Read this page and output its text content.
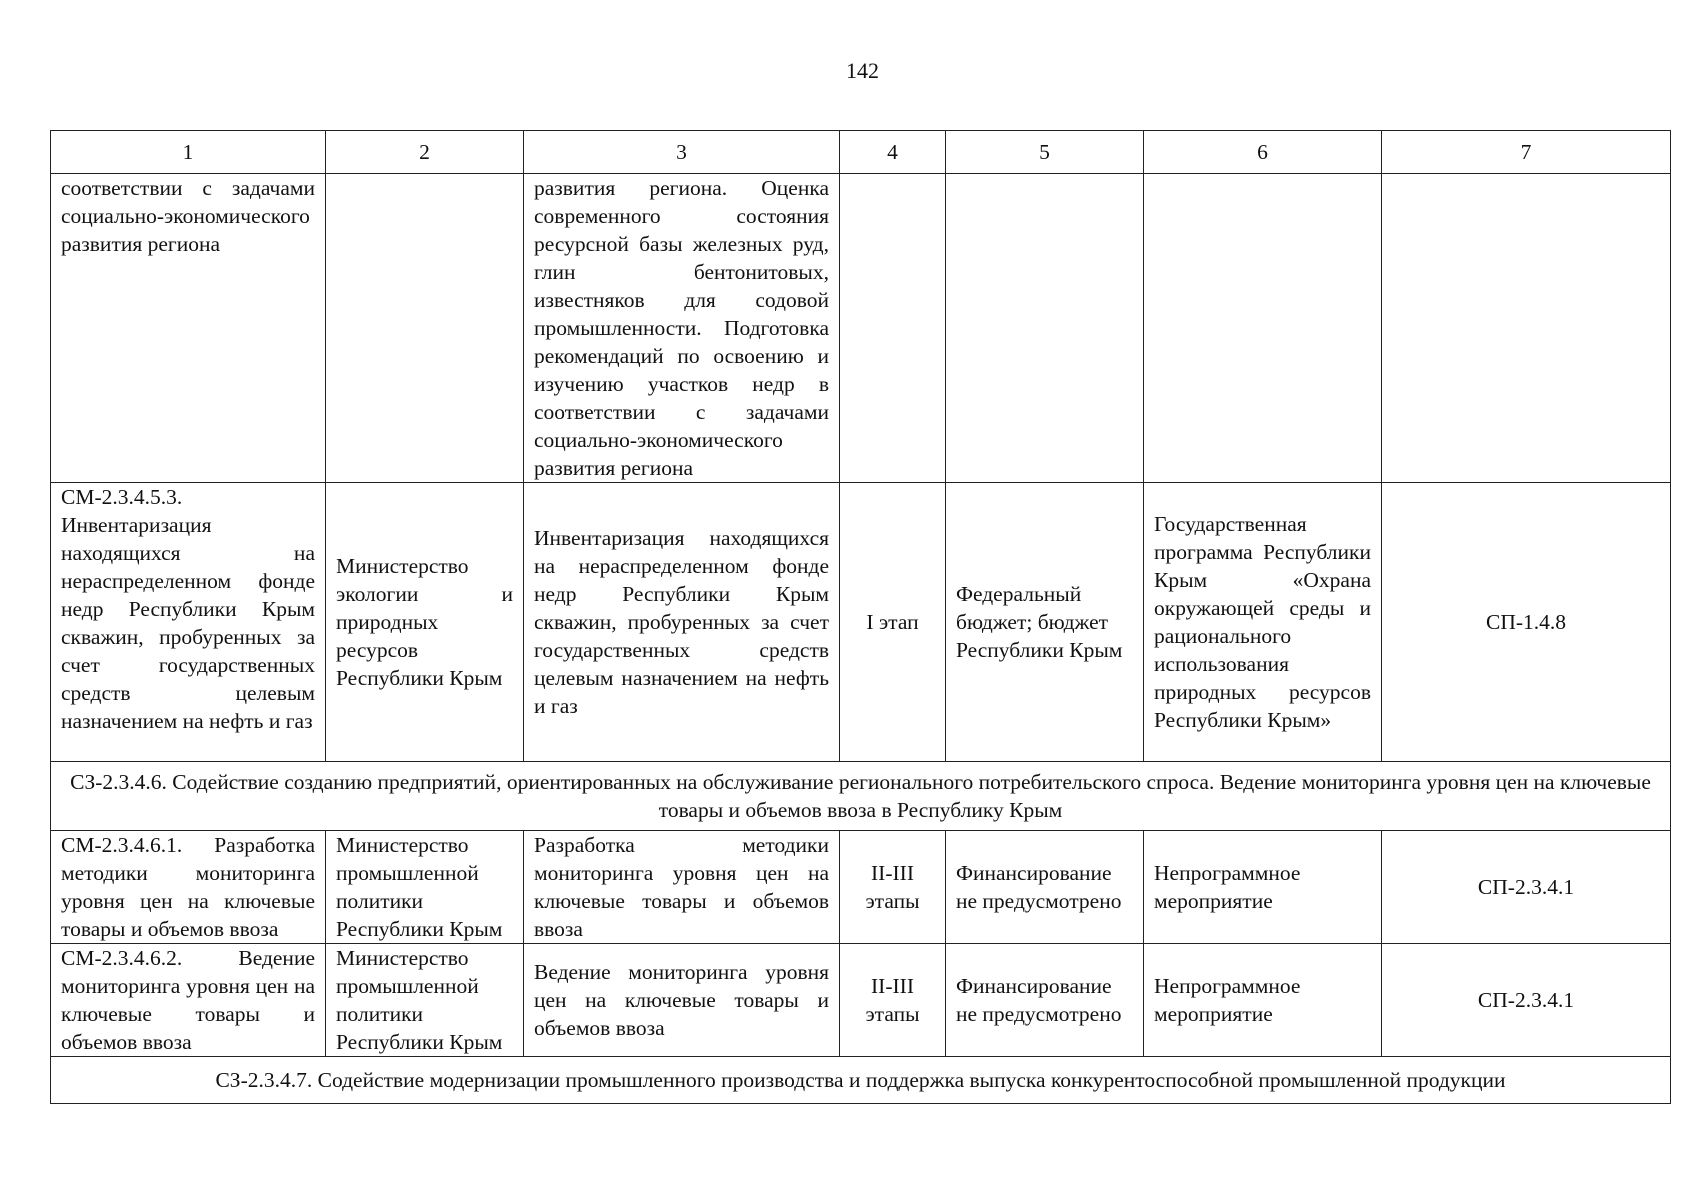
142
1	2	3	4	5	6	7
соответствии с задачами социально-экономического развития региона		развития региона. Оценка современного состояния ресурсной базы железных руд, глин бентонитовых, известняков для содовой промышленности. Подготовка рекомендаций по освоению и изучению участков недр в соответствии с задачами социально-экономического развития региона				
СМ-2.3.4.5.3. Инвентаризация находящихся на нераспределенном фонде недр Республики Крым скважин, пробуренных за счет государственных средств целевым назначением на нефть и газ	Министерство экологии и природных ресурсов Республики Крым	Инвентаризация находящихся на нераспределенном фонде недр Республики Крым скважин, пробуренных за счет государственных средств целевым назначением на нефть и газ	I этап	Федеральный бюджет; бюджет Республики Крым	Государственная программа Республики Крым «Охрана окружающей среды и рационального использования природных ресурсов Республики Крым»	СП-1.4.8
СЗ-2.3.4.6. Содействие созданию предприятий, ориентированных на обслуживание регионального потребительского спроса. Ведение мониторинга уровня цен на ключевые товары и объемов ввоза в Республику Крым						
СМ-2.3.4.6.1. Разработка методики мониторинга уровня цен на ключевые товары и объемов ввоза	Министерство промышленной политики Республики Крым	Разработка методики мониторинга уровня цен на ключевые товары и объемов ввоза	II-III этапы	Финансирование не предусмотрено	Непрограммное мероприятие	СП-2.3.4.1
СМ-2.3.4.6.2. Ведение мониторинга уровня цен на ключевые товары и объемов ввоза	Министерство промышленной политики Республики Крым	Ведение мониторинга уровня цен на ключевые товары и объемов ввоза	II-III этапы	Финансирование не предусмотрено	Непрограммное мероприятие	СП-2.3.4.1
СЗ-2.3.4.7. Содействие модернизации промышленного производства и поддержка выпуска конкурентоспособной промышленной продукции						
